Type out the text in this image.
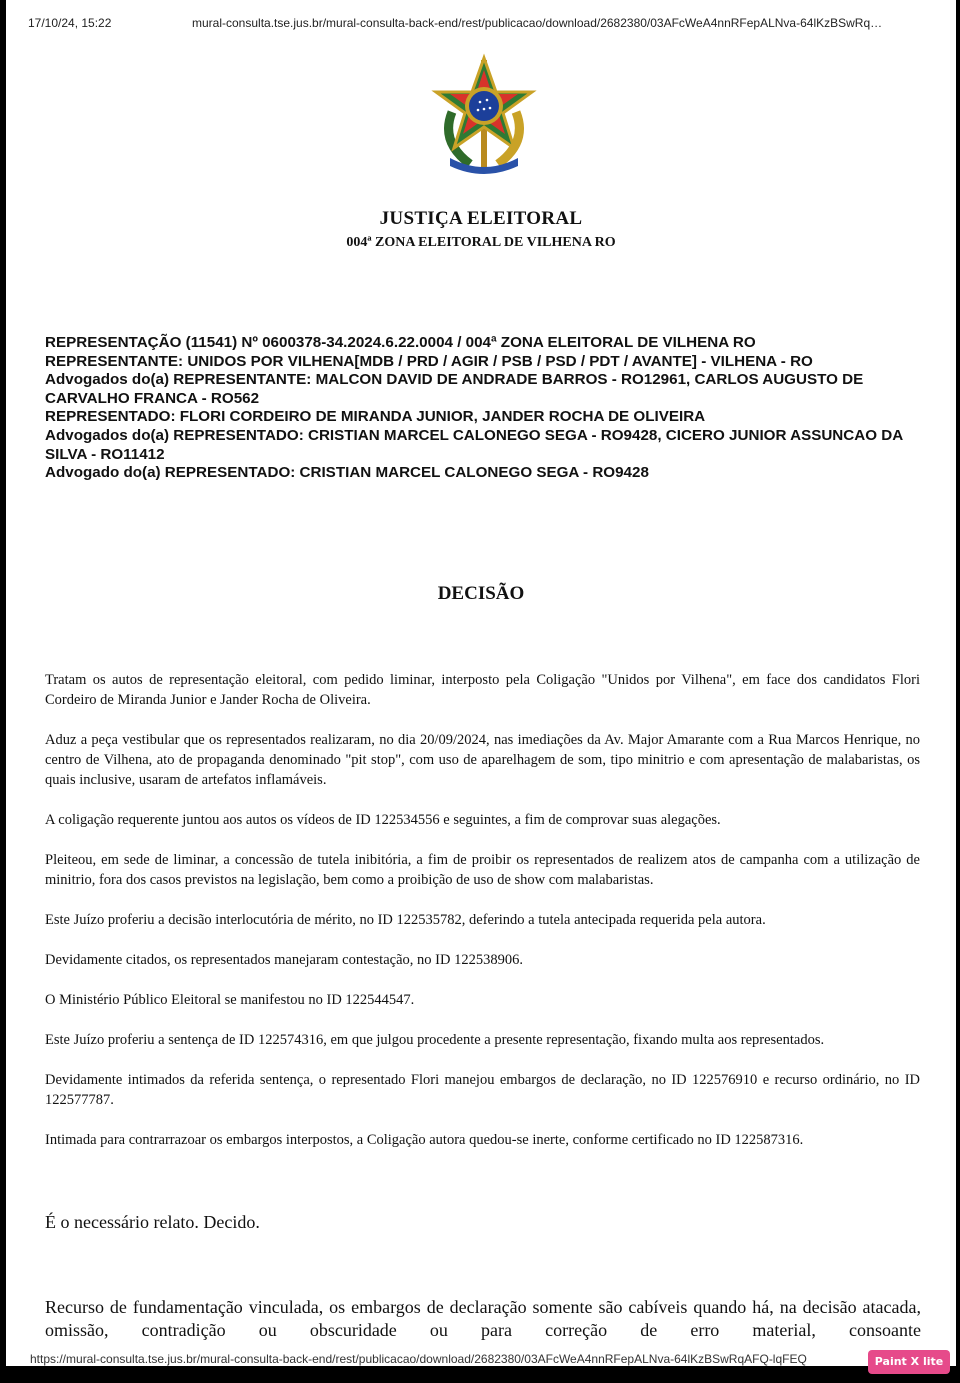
17/10/24, 15:22	mural-consulta.tse.jus.br/mural-consulta-back-end/rest/publicacao/download/2682380/03AFcWeA4nnRFepALNva-64lKzBSwRq…
JUSTIÇA ELEITORAL
004ª ZONA ELEITORAL DE VILHENA RO
REPRESENTAÇÃO (11541) Nº 0600378-34.2024.6.22.0004 / 004ª ZONA ELEITORAL DE VILHENA RO
REPRESENTANTE: UNIDOS POR VILHENA[MDB / PRD / AGIR / PSB / PSD / PDT / AVANTE] - VILHENA - RO
Advogados do(a) REPRESENTANTE: MALCON DAVID DE ANDRADE BARROS - RO12961, CARLOS AUGUSTO DE CARVALHO FRANCA - RO562
REPRESENTADO: FLORI CORDEIRO DE MIRANDA JUNIOR, JANDER ROCHA DE OLIVEIRA
Advogados do(a) REPRESENTADO: CRISTIAN MARCEL CALONEGO SEGA - RO9428, CICERO JUNIOR ASSUNCAO DA SILVA - RO11412
Advogado do(a) REPRESENTADO: CRISTIAN MARCEL CALONEGO SEGA - RO9428
DECISÃO

Tratam os autos de representação eleitoral, com pedido liminar, interposto pela Coligação "Unidos por Vilhena", em face dos candidatos Flori Cordeiro de Miranda Junior e Jander Rocha de Oliveira.

Aduz a peça vestibular que os representados realizaram, no dia 20/09/2024, nas imediações da Av. Major Amarante com a Rua Marcos Henrique, no centro de Vilhena, ato de propaganda denominado "pit stop", com uso de aparelhagem de som, tipo minitrio e com apresentação de malabaristas, os quais inclusive, usaram de artefatos inflamáveis.

A coligação requerente juntou aos autos os vídeos de ID 122534556 e seguintes, a fim de comprovar suas alegações.

Pleiteou, em sede de liminar, a concessão de tutela inibitória, a fim de proibir os representados de realizem atos de campanha com a utilização de minitrio, fora dos casos previstos na legislação, bem como a proibição de uso de show com malabaristas.

Este Juízo proferiu a decisão interlocutória de mérito, no ID 122535782, deferindo a tutela antecipada requerida pela autora.

Devidamente citados, os representados manejaram contestação, no ID 122538906.

O Ministério Público Eleitoral se manifestou no ID 122544547.

Este Juízo proferiu a sentença de ID 122574316, em que julgou procedente a presente representação, fixando multa aos representados.

Devidamente intimados da referida sentença, o representado Flori manejou embargos de declaração, no ID 122576910 e recurso ordinário, no ID 122577787.

Intimada para contrarrazoar os embargos interpostos, a Coligação autora quedou-se inerte, conforme certificado no ID 122587316.

É o necessário relato. Decido.
Recurso de fundamentação vinculada, os embargos de declaração somente são cabíveis quando há, na decisão atacada, omissão, contradição ou obscuridade ou para correção de erro material, consoante
https://mural-consulta.tse.jus.br/mural-consulta-back-end/rest/publicacao/download/2682380/03AFcWeA4nnRFepALNva-64lKzBSwRqAFQ-lqFEQ	Paint X lite
